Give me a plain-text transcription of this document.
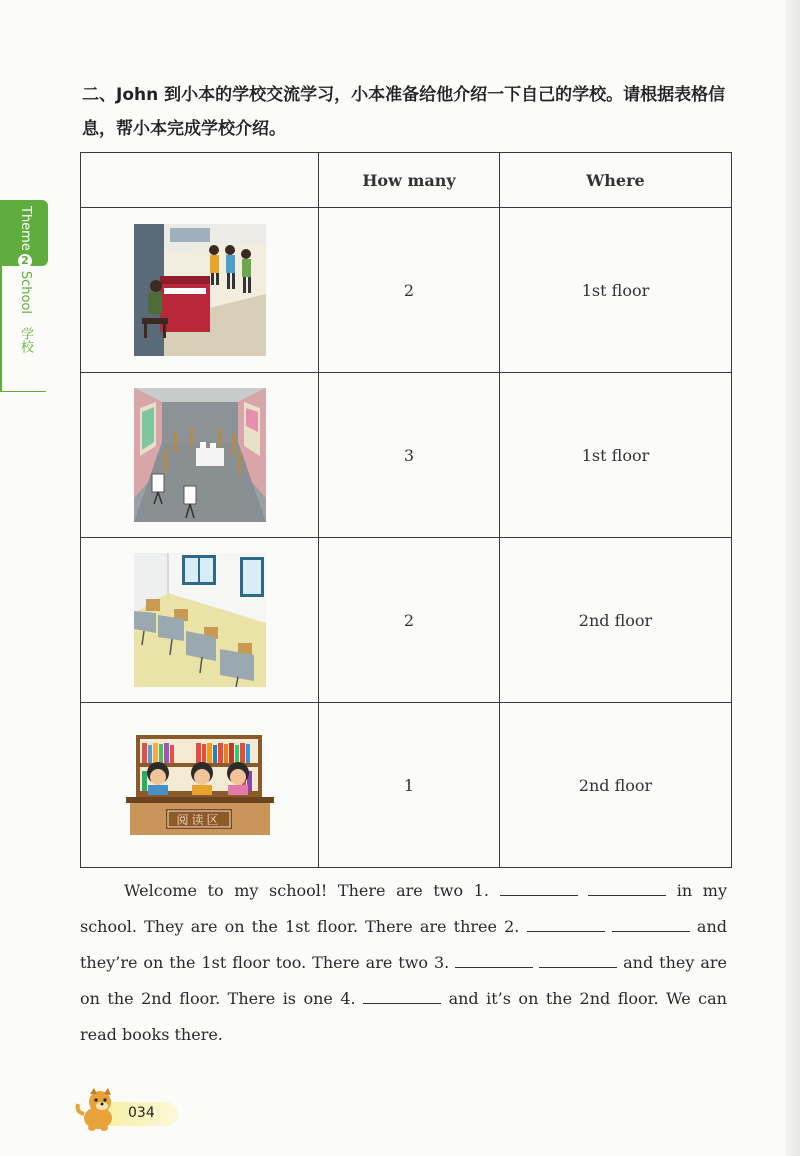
Theme2School 学校

二、John 到小本的学校交流学习，小本准备给他介绍一下自己的学校。请根据表格信息，帮小本完成学校介绍。

	How many	Where

	2	1st floor

	3	1st floor

	2	2nd floor

阅读区	1	2nd floor

Welcome to my school! There are two 1.	in my school. They are on the 1st floor. There are three 2.	and they’re on the 1st floor too. There are two 3.	and they are on the 2nd floor. There is one 4.	and it’s on the 2nd floor. We can read books there.

034
